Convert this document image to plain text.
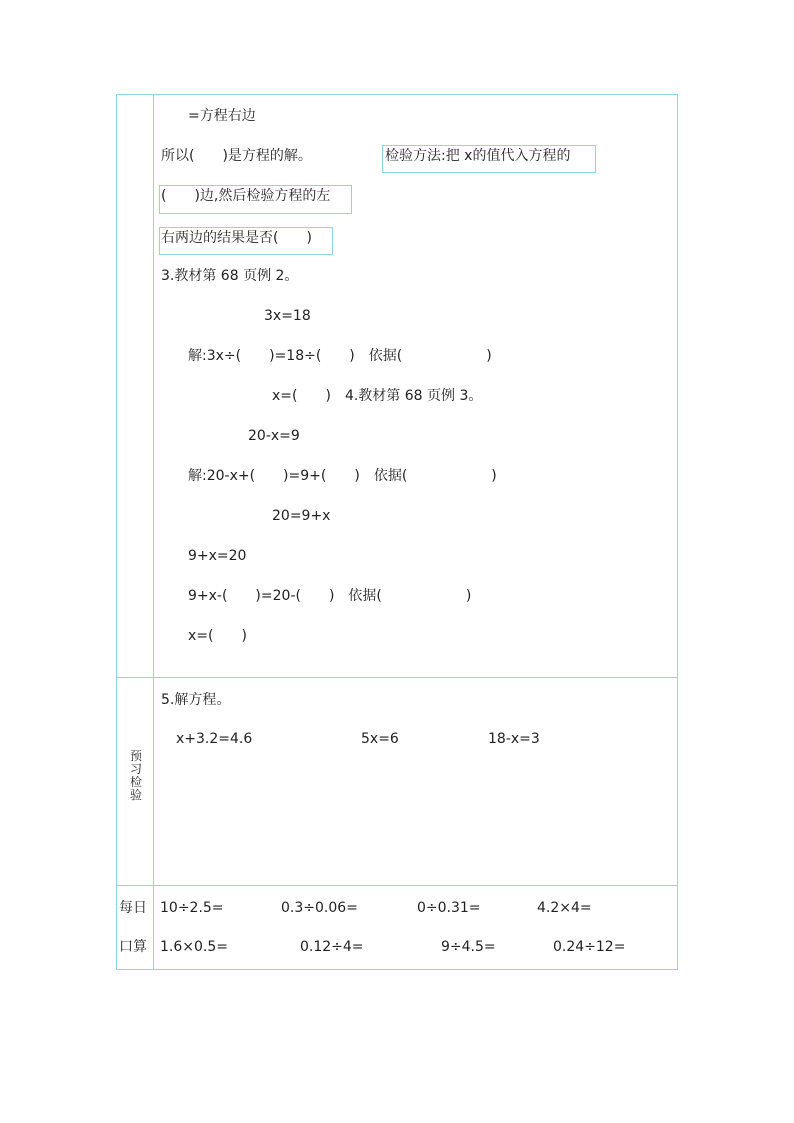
=方程右边
所以(　　)是方程的解。	检验方法:把 x的值代入方程的
(　　)边,然后检验方程的左
右两边的结果是否(　　)
3.教材第 68 页例 2。
3x=18
解:3x÷(　　)=18÷(　　)　依据(　　　　　　)
x=(　　)　4.教材第 68 页例 3。
20-x=9
解:20-x+(　　)=9+(　　)　依据(　　　　　　)
20=9+x
9+x=20
9+x-(　　)=20-(　　)　依据(　　　　　　)
x=(　　)
预
习
检
验
5.解方程。
x+3.2=4.6	5x=6	18-x=3
每日
口算
10÷2.5=	0.3÷0.06=	0÷0.31=	4.2×4=
1.6×0.5=	0.12÷4=	9÷4.5=	0.24÷12=
